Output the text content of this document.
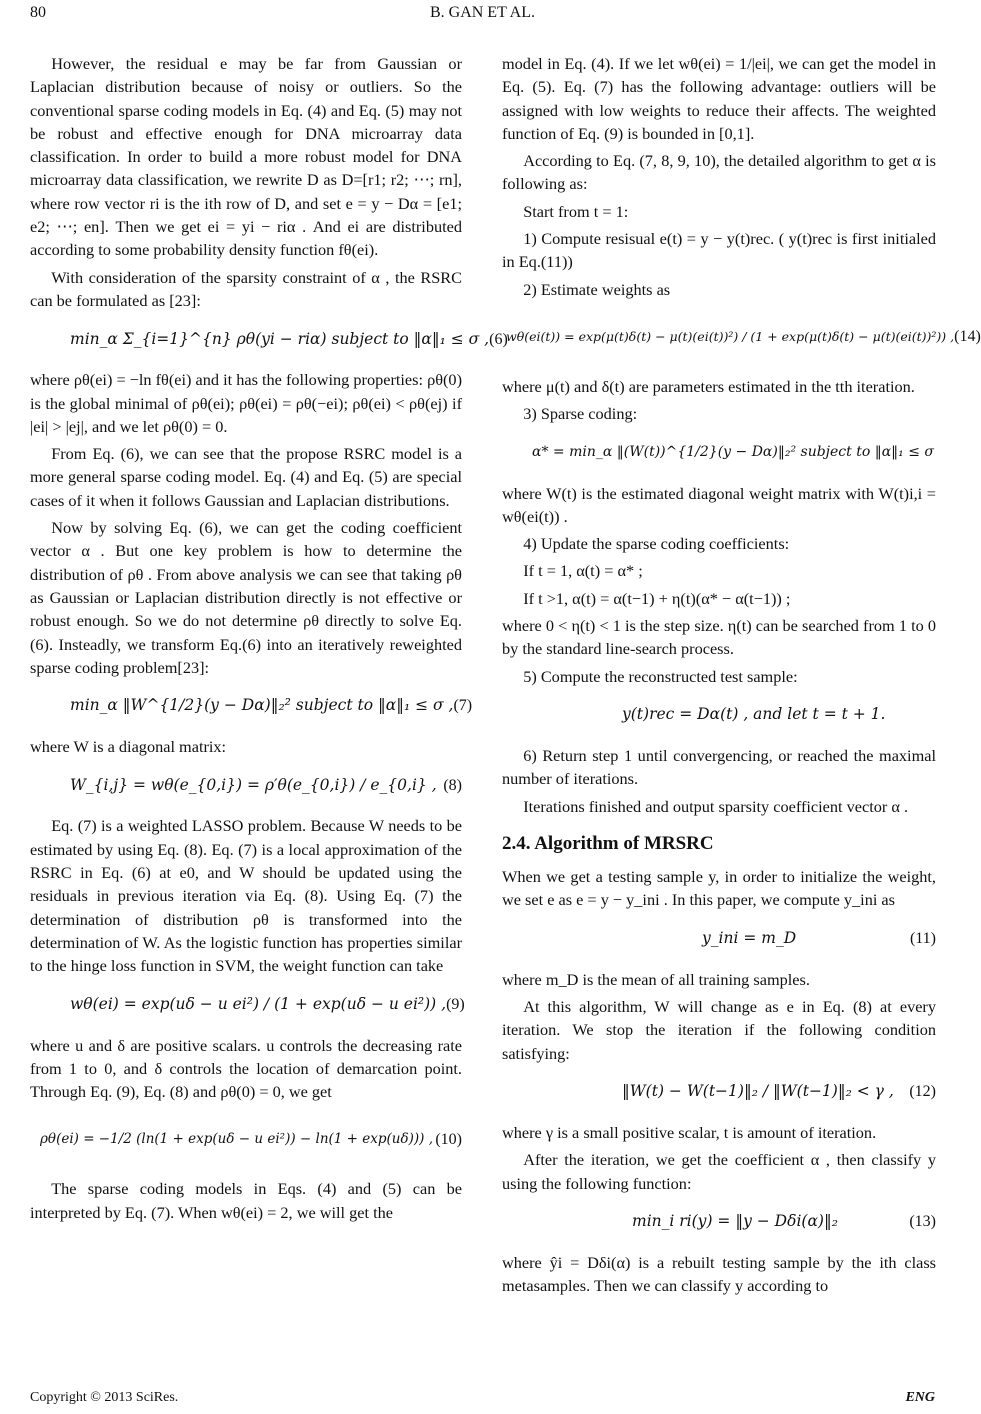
80	B. GAN ET AL.

However, the residual e may be far from Gaussian or Laplacian distribution because of noisy or outliers. So the conventional sparse coding models in Eq. (4) and Eq. (5) may not be robust and effective enough for DNA microarray data classification. In order to build a more robust model for DNA microarray data classification, we rewrite D as D=[r1; r2; ⋯; rn], where row vector ri is the ith row of D, and set e = y − Dα = [e1; e2; ⋯; en]. Then we get ei = yi − riα . And ei are distributed according to some probability density function fθ(ei).

With consideration of the sparsity constraint of α , the RSRC can be formulated as [23]:

min_α Σ_{i=1}^{n} ρθ(yi − riα) subject to ‖α‖₁ ≤ σ , (6)

where ρθ(ei) = −ln fθ(ei) and it has the following properties: ρθ(0) is the global minimal of ρθ(ei); ρθ(ei) = ρθ(−ei); ρθ(ei) < ρθ(ej) if |ei| > |ej|, and we let ρθ(0) = 0.

From Eq. (6), we can see that the propose RSRC model is a more general sparse coding model. Eq. (4) and Eq. (5) are special cases of it when it follows Gaussian and Laplacian distributions.

Now by solving Eq. (6), we can get the coding coefficient vector α . But one key problem is how to determine the distribution of ρθ . From above analysis we can see that taking ρθ as Gaussian or Laplacian distribution directly is not effective or robust enough. So we do not determine ρθ directly to solve Eq. (6). Insteadly, we transform Eq.(6) into an iteratively reweighted sparse coding problem[23]:

min_α ‖W^{1/2}(y − Dα)‖₂² subject to ‖α‖₁ ≤ σ , (7)

where W is a diagonal matrix:

W_{i,j} = wθ(e_{0,i}) = ρ′θ(e_{0,i}) / e_{0,i} , (8)

Eq. (7) is a weighted LASSO problem. Because W needs to be estimated by using Eq. (8). Eq. (7) is a local approximation of the RSRC in Eq. (6) at e0, and W should be updated using the residuals in previous iteration via Eq. (8). Using Eq. (7) the determination of distribution ρθ is transformed into the determination of W. As the logistic function has properties similar to the hinge loss function in SVM, the weight function can take

wθ(ei) = exp(uδ − u ei²) / (1 + exp(uδ − u ei²)) , (9)

where u and δ are positive scalars. u controls the decreasing rate from 1 to 0, and δ controls the location of demarcation point. Through Eq. (9), Eq. (8) and ρθ(0) = 0, we get

ρθ(ei) = −1/2 (ln(1 + exp(uδ − u ei²)) − ln(1 + exp(uδ))) , (10)

The sparse coding models in Eqs. (4) and (5) can be interpreted by Eq. (7). When wθ(ei) = 2, we will get the

model in Eq. (4). If we let wθ(ei) = 1/|ei|, we can get the model in Eq. (5). Eq. (7) has the following advantage: outliers will be assigned with low weights to reduce their affects. The weighted function of Eq. (9) is bounded in [0,1].

According to Eq. (7, 8, 9, 10), the detailed algorithm to get α is following as:

Start from t = 1:

1) Compute resisual e(t) = y − y(t)rec. ( y(t)rec is first initialed in Eq.(11))

2) Estimate weights as

wθ(ei(t)) = exp(μ(t)δ(t) − μ(t)(ei(t))²) / (1 + exp(μ(t)δ(t) − μ(t)(ei(t))²)) , (14)

where μ(t) and δ(t) are parameters estimated in the tth iteration.

3) Sparse coding:

α* = min_α ‖(W(t))^{1/2}(y − Dα)‖₂² subject to ‖α‖₁ ≤ σ

where W(t) is the estimated diagonal weight matrix with W(t)i,i = wθ(ei(t)) .

4) Update the sparse coding coefficients:

If t = 1, α(t) = α* ;

If t >1, α(t) = α(t−1) + η(t)(α* − α(t−1)) ;

where 0 < η(t) < 1 is the step size. η(t) can be searched from 1 to 0 by the standard line-search process.

5) Compute the reconstructed test sample:

y(t)rec = Dα(t) , and let t = t + 1.

6) Return step 1 until convergencing, or reached the maximal number of iterations.

Iterations finished and output sparsity coefficient vector α .

2.4. Algorithm of MRSRC

When we get a testing sample y, in order to initialize the weight, we set e as e = y − y_ini . In this paper, we compute y_ini as

y_ini = m_D	(11)

where m_D is the mean of all training samples.

At this algorithm, W will change as e in Eq. (8) at every iteration. We stop the iteration if the following condition satisfying:

‖W(t) − W(t−1)‖₂ / ‖W(t−1)‖₂ < γ , (12)

where γ is a small positive scalar, t is amount of iteration.

After the iteration, we get the coefficient α , then classify y using the following function:

min_i ri(y) = ‖y − Dδi(α)‖₂	(13)

where ŷi = Dδi(α) is a rebuilt testing sample by the ith class metasamples. Then we can classify y according to

Copyright © 2013 SciRes.	ENG
